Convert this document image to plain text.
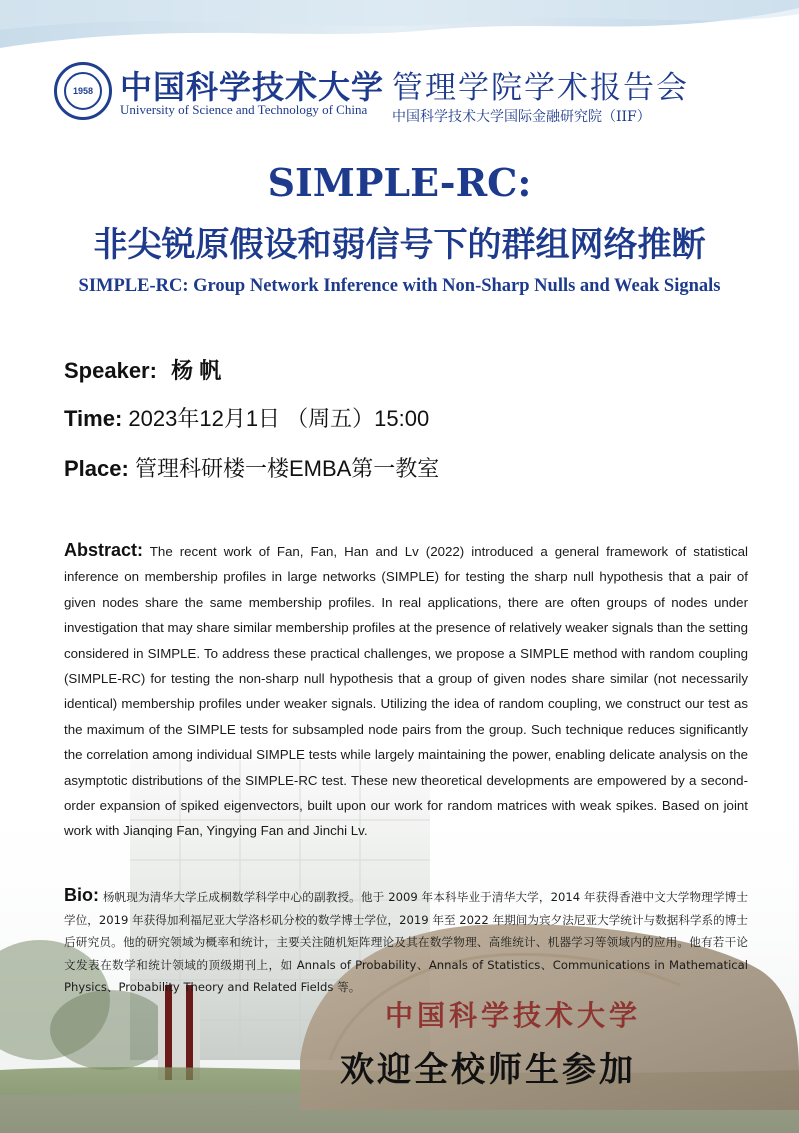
中国科学技术大学
1958 中国科学技术大学
University of Science and Technology of China
管理学院学术报告会
中国科学技术大学国际金融研究院（IIF）
SIMPLE-RC:
非尖锐原假设和弱信号下的群组网络推断
SIMPLE-RC: Group Network Inference with Non-Sharp Nulls and Weak Signals
Speaker: 杨 帆
Time: 2023年12月1日 （周五）15:00
Place: 管理科研楼一楼EMBA第一教室
Abstract: The recent work of Fan, Fan, Han and Lv (2022) introduced a general framework of statistical inference on membership profiles in large networks (SIMPLE) for testing the sharp null hypothesis that a pair of given nodes share the same membership profiles. In real applications, there are often groups of nodes under investigation that may share similar membership profiles at the presence of relatively weaker signals than the setting considered in SIMPLE. To address these practical challenges, we propose a SIMPLE method with random coupling (SIMPLE-RC) for testing the non-sharp null hypothesis that a group of given nodes share similar (not necessarily identical) membership profiles under weaker signals. Utilizing the idea of random coupling, we construct our test as the maximum of the SIMPLE tests for subsampled node pairs from the group. Such technique reduces significantly the correlation among individual SIMPLE tests while largely maintaining the power, enabling delicate analysis on the asymptotic distributions of the SIMPLE-RC test. These new theoretical developments are empowered by a second-order expansion of spiked eigenvectors, built upon our work for random matrices with weak spikes. Based on joint work with Jianqing Fan, Yingying Fan and Jinchi Lv.
Bio: 杨帆现为清华大学丘成桐数学科学中心的副教授。他于 2009 年本科毕业于清华大学，2014 年获得香港中文大学物理学博士学位，2019 年获得加利福尼亚大学洛杉矶分校的数学博士学位，2019 年至 2022 年期间为宾夕法尼亚大学统计与数据科学系的博士后研究员。他的研究领域为概率和统计，主要关注随机矩阵理论及其在数学物理、高维统计、机器学习等领域内的应用。他有若干论文发表在数学和统计领域的顶级期刊上，如 Annals of Probability、Annals of Statistics、Communications in Mathematical Physics、Probability Theory and Related Fields 等。
欢迎全校师生参加
